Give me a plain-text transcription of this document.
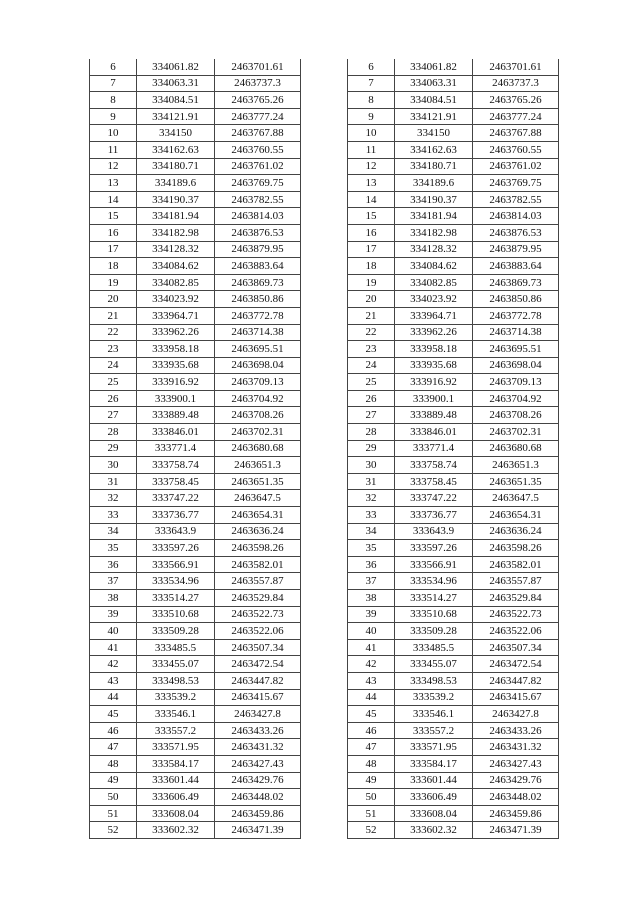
6	334061.82	2463701.61
7	334063.31	2463737.3
8	334084.51	2463765.26
9	334121.91	2463777.24
10	334150	2463767.88
11	334162.63	2463760.55
12	334180.71	2463761.02
13	334189.6	2463769.75
14	334190.37	2463782.55
15	334181.94	2463814.03
16	334182.98	2463876.53
17	334128.32	2463879.95
18	334084.62	2463883.64
19	334082.85	2463869.73
20	334023.92	2463850.86
21	333964.71	2463772.78
22	333962.26	2463714.38
23	333958.18	2463695.51
24	333935.68	2463698.04
25	333916.92	2463709.13
26	333900.1	2463704.92
27	333889.48	2463708.26
28	333846.01	2463702.31
29	333771.4	2463680.68
30	333758.74	2463651.3
31	333758.45	2463651.35
32	333747.22	2463647.5
33	333736.77	2463654.31
34	333643.9	2463636.24
35	333597.26	2463598.26
36	333566.91	2463582.01
37	333534.96	2463557.87
38	333514.27	2463529.84
39	333510.68	2463522.73
40	333509.28	2463522.06
41	333485.5	2463507.34
42	333455.07	2463472.54
43	333498.53	2463447.82
44	333539.2	2463415.67
45	333546.1	2463427.8
46	333557.2	2463433.26
47	333571.95	2463431.32
48	333584.17	2463427.43
49	333601.44	2463429.76
50	333606.49	2463448.02
51	333608.04	2463459.86
52	333602.32	2463471.39
6	334061.82	2463701.61
7	334063.31	2463737.3
8	334084.51	2463765.26
9	334121.91	2463777.24
10	334150	2463767.88
11	334162.63	2463760.55
12	334180.71	2463761.02
13	334189.6	2463769.75
14	334190.37	2463782.55
15	334181.94	2463814.03
16	334182.98	2463876.53
17	334128.32	2463879.95
18	334084.62	2463883.64
19	334082.85	2463869.73
20	334023.92	2463850.86
21	333964.71	2463772.78
22	333962.26	2463714.38
23	333958.18	2463695.51
24	333935.68	2463698.04
25	333916.92	2463709.13
26	333900.1	2463704.92
27	333889.48	2463708.26
28	333846.01	2463702.31
29	333771.4	2463680.68
30	333758.74	2463651.3
31	333758.45	2463651.35
32	333747.22	2463647.5
33	333736.77	2463654.31
34	333643.9	2463636.24
35	333597.26	2463598.26
36	333566.91	2463582.01
37	333534.96	2463557.87
38	333514.27	2463529.84
39	333510.68	2463522.73
40	333509.28	2463522.06
41	333485.5	2463507.34
42	333455.07	2463472.54
43	333498.53	2463447.82
44	333539.2	2463415.67
45	333546.1	2463427.8
46	333557.2	2463433.26
47	333571.95	2463431.32
48	333584.17	2463427.43
49	333601.44	2463429.76
50	333606.49	2463448.02
51	333608.04	2463459.86
52	333602.32	2463471.39
